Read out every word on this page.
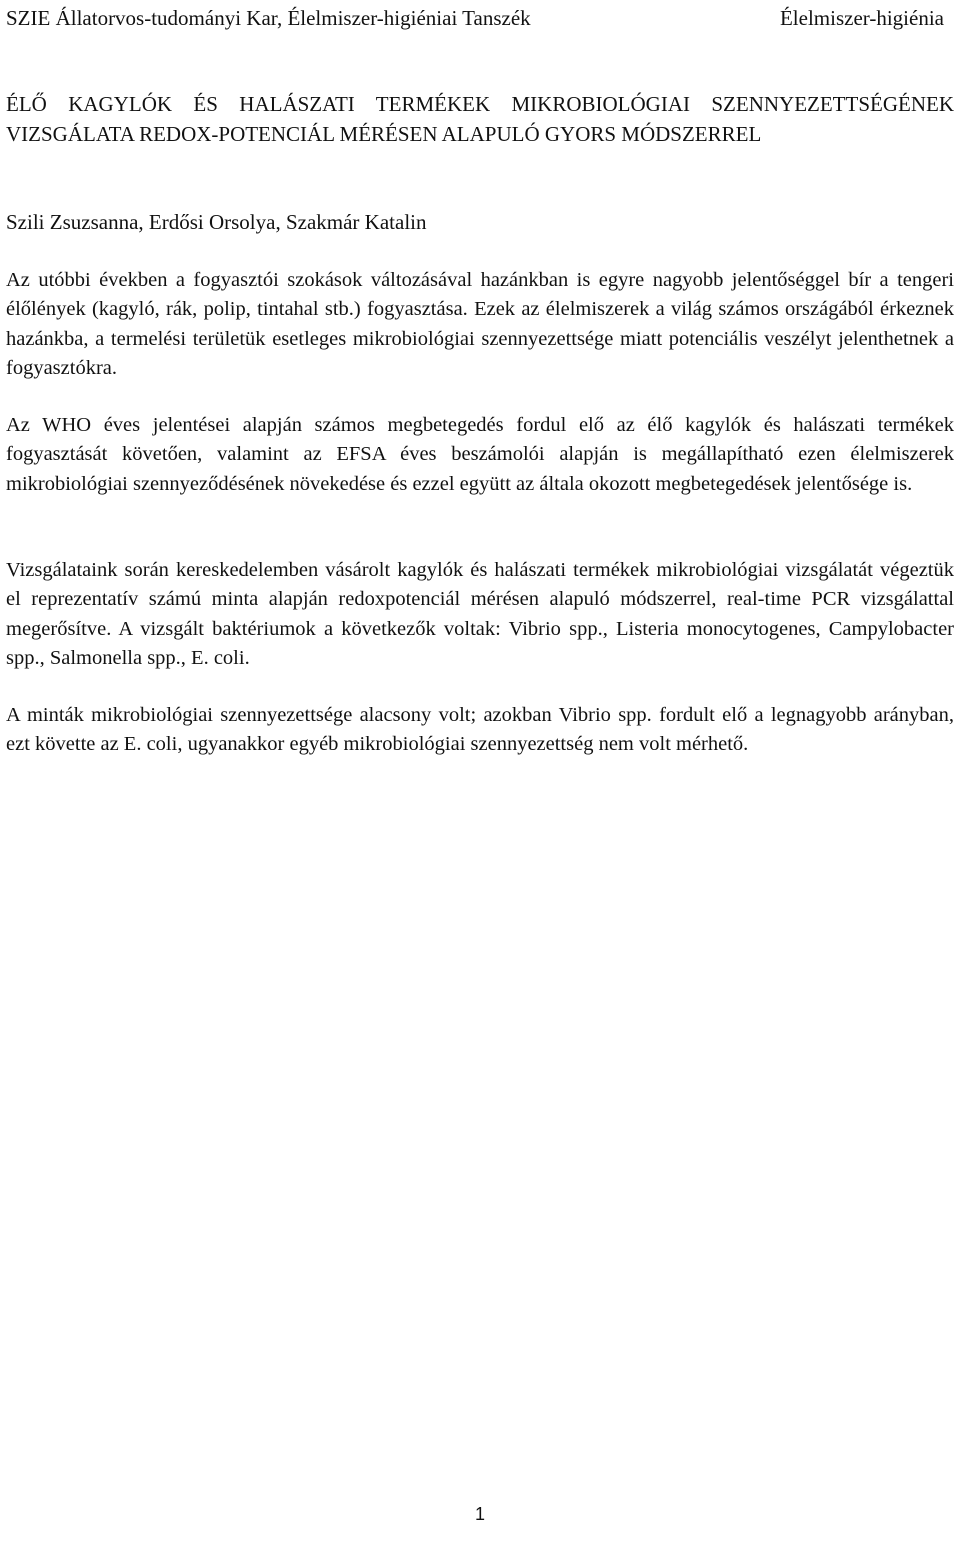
SZIE Állatorvos-tudományi Kar, Élelmiszer-higiéniai Tanszék	Élelmiszer-higiénia
ÉLŐ KAGYLÓK ÉS HALÁSZATI TERMÉKEK MIKROBIOLÓGIAI SZENNYEZETTSÉGÉNEK VIZSGÁLATA REDOX-POTENCIÁL MÉRÉSEN ALAPULÓ GYORS MÓDSZERREL
Szili Zsuzsanna, Erdősi Orsolya, Szakmár Katalin

Az utóbbi években a fogyasztói szokások változásával hazánkban is egyre nagyobb jelentőséggel bír a tengeri élőlények (kagyló, rák, polip, tintahal stb.) fogyasztása. Ezek az élelmiszerek a világ számos országából érkeznek hazánkba, a termelési területük esetleges mikrobiológiai szennyezettsége miatt potenciális veszélyt jelenthetnek a fogyasztókra.

Az WHO éves jelentései alapján számos megbetegedés fordul elő az élő kagylók és halászati termékek fogyasztását követően, valamint az EFSA éves beszámolói alapján is megállapítható ezen élelmiszerek mikrobiológiai szennyeződésének növekedése és ezzel együtt az általa okozott megbetegedések jelentősége is.

Vizsgálataink során kereskedelemben vásárolt kagylók és halászati termékek mikrobiológiai vizsgálatát végeztük el reprezentatív számú minta alapján redoxpotenciál mérésen alapuló módszerrel, real-time PCR vizsgálattal megerősítve. A vizsgált baktériumok a következők voltak: Vibrio spp., Listeria monocytogenes, Campylobacter spp., Salmonella spp., E. coli.

A minták mikrobiológiai szennyezettsége alacsony volt; azokban Vibrio spp. fordult elő a legnagyobb arányban, ezt követte az E. coli, ugyanakkor egyéb mikrobiológiai szennyezettség nem volt mérhető.

1
